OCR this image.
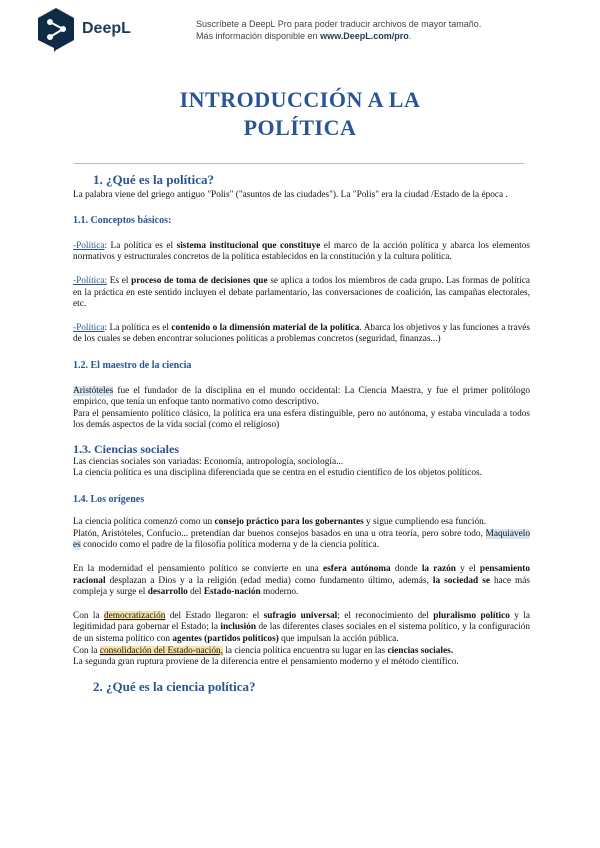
DeepL	Suscríbete a DeepL Pro para poder traducir archivos de mayor tamaño.
Más información disponible en www.DeepL.com/pro.
INTRODUCCIÓN A LA
POLÍTICA
1. ¿Qué es la política?

La palabra viene del griego antiguo "Polis" ("asuntos de las ciudades"). La "Polis" era la ciudad /Estado de la época .

1.1. Conceptos básicos:

-Política: La política es el sistema institucional que constituye el marco de la acción política y abarca los elementos normativos y estructurales concretos de la política establecidos en la constitución y la cultura política.

-Política: Es el proceso de toma de decisiones que se aplica a todos los miembros de cada grupo. Las formas de política en la práctica en este sentido incluyen el debate parlamentario, las conversaciones de coalición, las campañas electorales, etc.

-Política: La política es el contenido o la dimensión material de la política. Abarca los objetivos y las funciones a través de los cuales se deben encontrar soluciones políticas a problemas concretos (seguridad, finanzas...)

1.2. El maestro de la ciencia

Aristóteles fue el fundador de la disciplina en el mundo occidental: La Ciencia Maestra, y fue el primer politólogo empírico, que tenía un enfoque tanto normativo como descriptivo.

Para el pensamiento político clásico, la política era una esfera distinguible, pero no autónoma, y estaba vinculada a todos los demás aspectos de la vida social (como el religioso)

1.3. Ciencias sociales

Las ciencias sociales son variadas: Economía, antropología, sociología...

La ciencia política es una disciplina diferenciada que se centra en el estudio científico de los objetos políticos.

1.4. Los orígenes

La ciencia política comenzó como un consejo práctico para los gobernantes y sigue cumpliendo esa función.

Platón, Aristóteles, Confucio... pretendían dar buenos consejos basados en una u otra teoría, pero sobre todo, Maquiavelo es conocido como el padre de la filosofía política moderna y de la ciencia política.

En la modernidad el pensamiento político se convierte en una esfera autónoma donde la razón y el pensamiento racional desplazan a Dios y a la religión (edad media) como fundamento último, además, la sociedad se hace más compleja y surge el desarrollo del Estado-nación moderno.

Con la democratización del Estado llegaron: el sufragio universal; el reconocimiento del pluralismo político y la legitimidad para gobernar el Estado; la inclusión de las diferentes clases sociales en el sistema político, y la configuración de un sistema político con agentes (partidos políticos) que impulsan la acción pública.

Con la consolidación del Estado-nación, la ciencia política encuentra su lugar en las ciencias sociales.

La segunda gran ruptura proviene de la diferencia entre el pensamiento moderno y el método científico.

2. ¿Qué es la ciencia política?
